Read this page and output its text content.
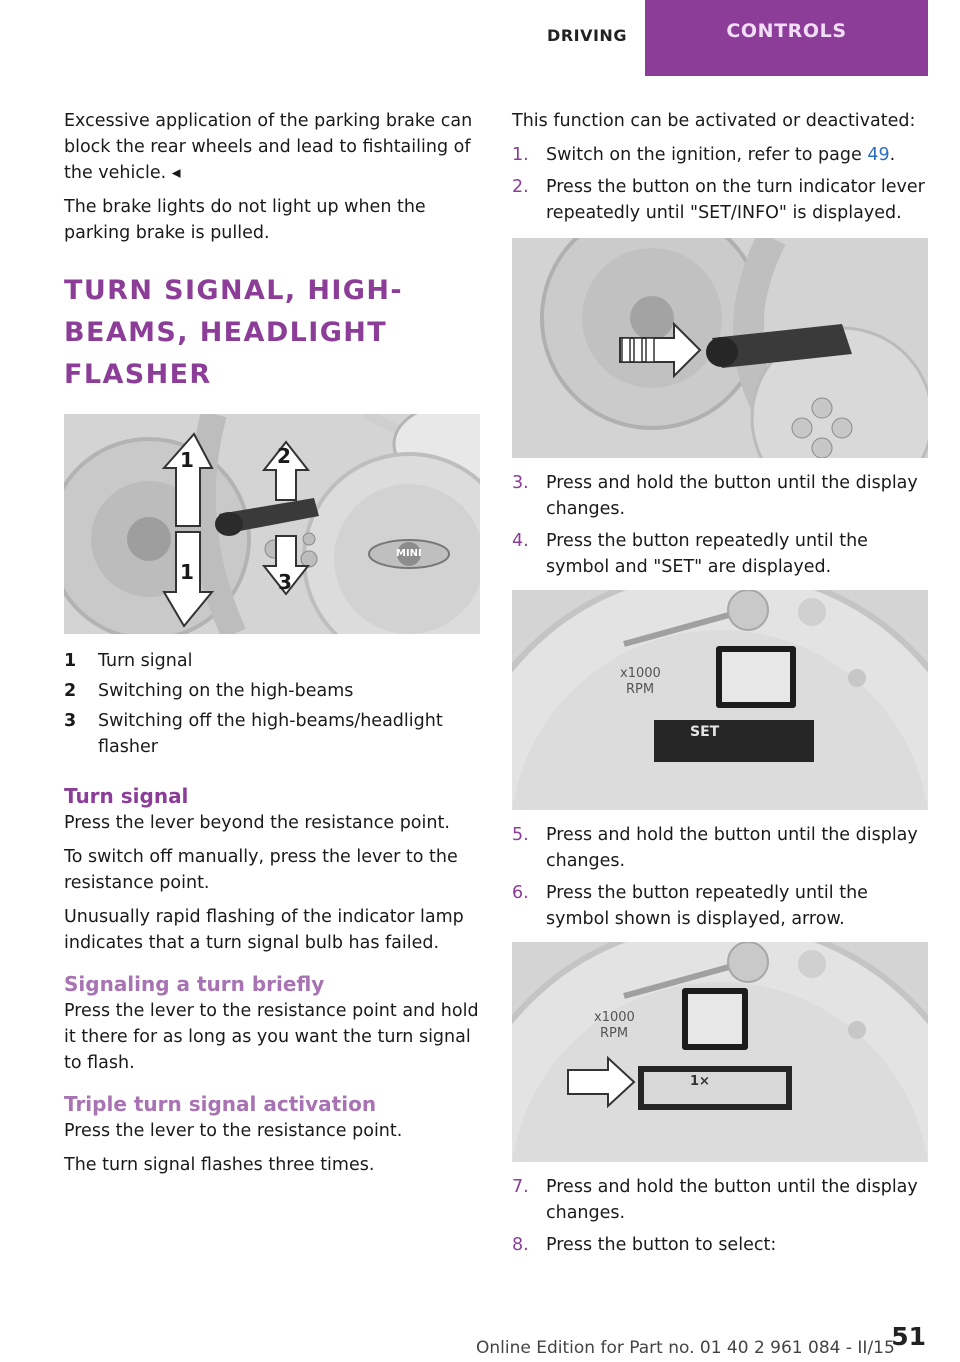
DRIVING	CONTROLS

Excessive application of the parking brake can block the rear wheels and lead to fishtailing of the vehicle. ◂

The brake lights do not light up when the parking brake is pulled.

TURN SIGNAL, HIGH-BEAMS, HEADLIGHT FLASHER
1	2
1	3
MINI
1	Turn signal
2	Switching on the high-beams
3	Switching off the high-beams/headlight flasher
Turn signal

Press the lever beyond the resistance point.

To switch off manually, press the lever to the resistance point.

Unusually rapid flashing of the indicator lamp indicates that a turn signal bulb has failed.

Signaling a turn briefly

Press the lever to the resistance point and hold it there for as long as you want the turn signal to flash.

Triple turn signal activation

Press the lever to the resistance point.

The turn signal flashes three times.

This function can be activated or deactivated:

1. Switch on the ignition, refer to page 49.
2. Press the button on the turn indicator lever repeatedly until "SET/INFO" is displayed.
3. Press and hold the button until the display changes.
4. Press the button repeatedly until the symbol and "SET" are displayed.
x1000
RPM
SET
5. Press and hold the button until the display changes.
6. Press the button repeatedly until the symbol shown is displayed, arrow.
x1000
RPM
1×
7. Press and hold the button until the display changes.
8. Press the button to select:
Online Edition for Part no. 01 40 2 961 084 - II/15
51
